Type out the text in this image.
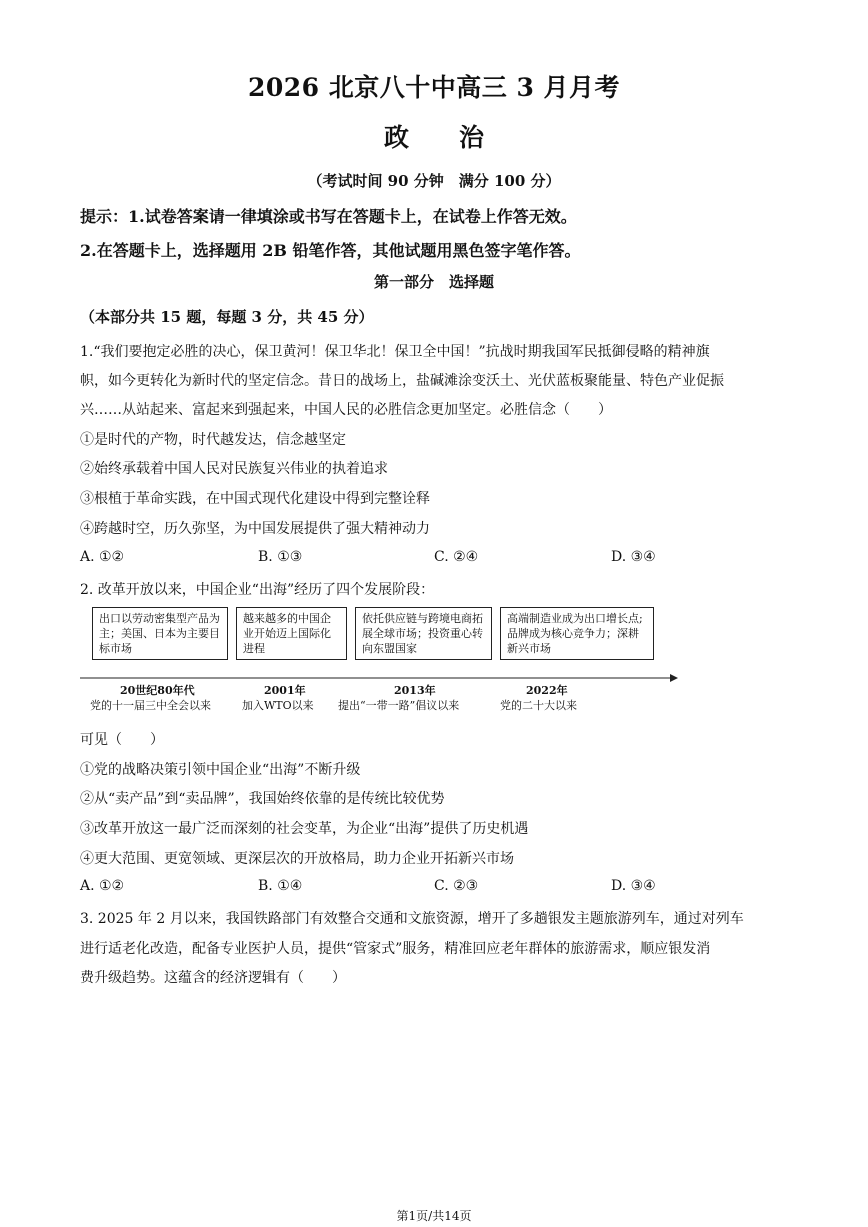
2026 北京八十中高三 3 月月考
政　　治
（考试时间 90 分钟　满分 100 分）
提示：1.试卷答案请一律填涂或书写在答题卡上，在试卷上作答无效。
2.在答题卡上，选择题用 2B 铅笔作答，其他试题用黑色签字笔作答。
第一部分　选择题
（本部分共 15 题，每题 3 分，共 45 分）
1.“我们要抱定必胜的决心，保卫黄河！保卫华北！保卫全中国！”抗战时期我国军民抵御侵略的精神旗
帜，如今更转化为新时代的坚定信念。昔日的战场上，盐碱滩涂变沃土、光伏蓝板聚能量、特色产业促振
兴……从站起来、富起来到强起来，中国人民的必胜信念更加坚定。必胜信念（　　）
①是时代的产物，时代越发达，信念越坚定
②始终承载着中国人民对民族复兴伟业的执着追求
③根植于革命实践，在中国式现代化建设中得到完整诠释
④跨越时空，历久弥坚，为中国发展提供了强大精神动力
A. ①②	B. ①③	C. ②④	D. ③④
2. 改革开放以来，中国企业“出海”经历了四个发展阶段：
出口以劳动密集型产品为主；美国、日本为主要目标市场
越来越多的中国企业开始迈上国际化进程
依托供应链与跨境电商拓展全球市场；投资重心转向东盟国家
高端制造业成为出口增长点;品牌成为核心竞争力；深耕新兴市场
20世纪80年代	2001年	2013年	2022年
党的十一届三中全会以来	加入WTO以来 提出“一带一路”倡议以来	党的二十大以来
可见（　　）
①党的战略决策引领中国企业“出海”不断升级
②从“卖产品”到“卖品牌”，我国始终依靠的是传统比较优势
③改革开放这一最广泛而深刻的社会变革，为企业“出海”提供了历史机遇
④更大范围、更宽领域、更深层次的开放格局，助力企业开拓新兴市场
A. ①②	B. ①④	C. ②③	D. ③④
3. 2025 年 2 月以来，我国铁路部门有效整合交通和文旅资源，增开了多趟银发主题旅游列车，通过对列车
进行适老化改造，配备专业医护人员，提供“管家式”服务，精准回应老年群体的旅游需求，顺应银发消
费升级趋势。这蕴含的经济逻辑有（　　）
第1页/共14页
